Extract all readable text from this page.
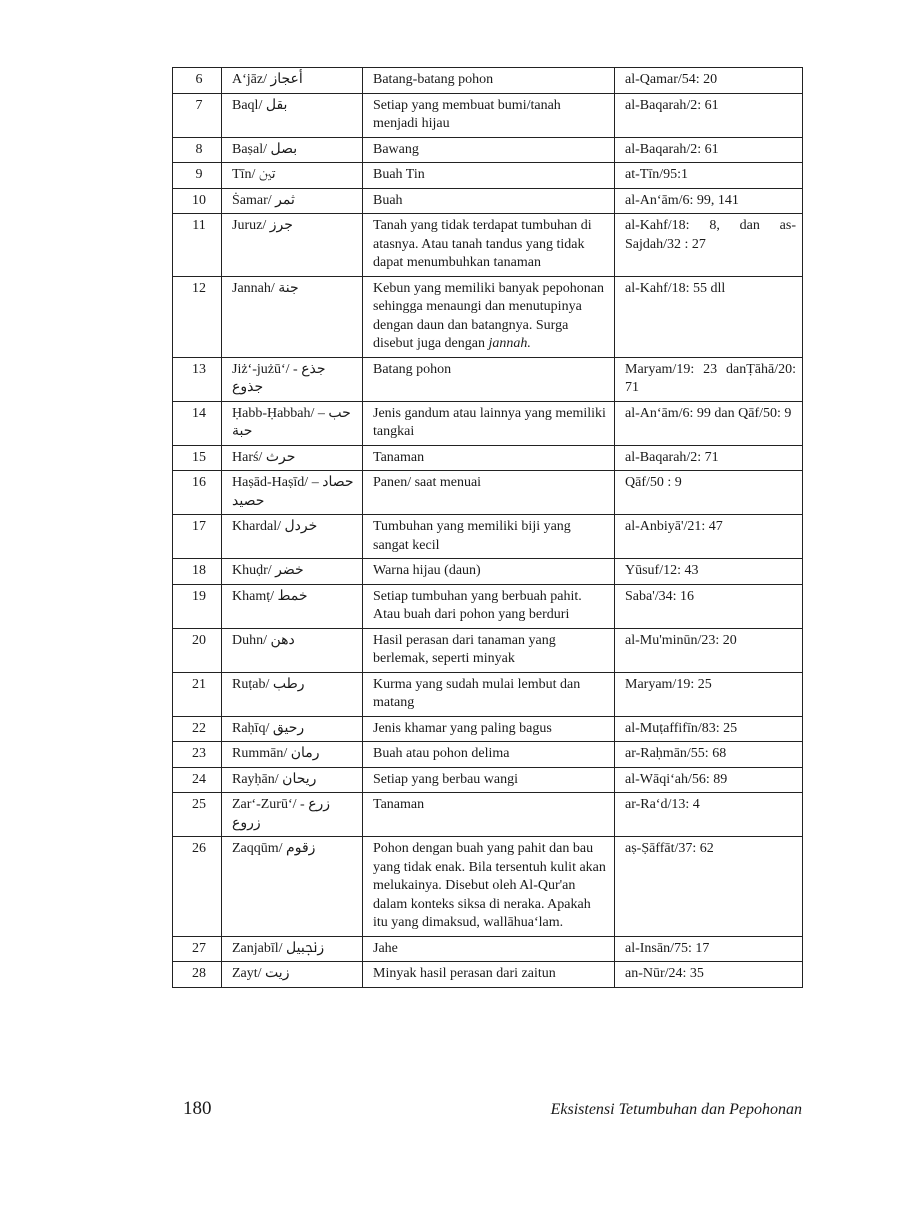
6	A‘jāz/ ﺃﻋﺠﺎﺯ	Batang-batang pohon	al-Qamar/54: 20
7	Baql/ ﺑﻘﻞ	Setiap yang membuat bumi/tanah menjadi hijau	al-Baqarah/2: 61
8	Baṣal/ ﺑﺼﻞ	Bawang	al-Baqarah/2: 61
9	Tīn/ ﺗﲔ	Buah Tin	at-Tīn/95:1
10	Ṡamar/ ﺛﻤﺮ	Buah	al-An‘ām/6: 99, 141
11	Juruz/ ﺟﺮﺯ	Tanah yang tidak terdapat tumbuhan di atasnya. Atau tanah tandus yang tidak dapat menumbuhkan tanaman	al-Kahf/18: 8, dan as-Sajdah/32 : 27
12	Jannah/ ﺟﻨﺔ	Kebun yang memiliki banyak pepohonan sehingga menaungi dan menutupinya dengan daun dan batangnya. Surga disebut juga dengan jannah.	al-Kahf/18: 55 dll
13	Jiż‘-jużū‘/ ﺟﺬﻉ - ﺟﺬﻭﻉ	Batang pohon	Maryam/19: 23 danṬāhā/20: 71
14	Ḥabb-Ḥabbah/ ﺣﺐ – ﺣﺒﺔ	Jenis gandum atau lainnya yang memiliki tangkai	al-An‘ām/6: 99 dan Qāf/50: 9
15	Harś/ ﺣﺮﺙ	Tanaman	al-Baqarah/2: 71
16	Haṣād-Haṣīd/ ﺣﺼﺎﺩ – ﺣﺼﻴﺪ	Panen/ saat menuai	Qāf/50 : 9
17	Khardal/ ﺧﺮﺩﻝ	Tumbuhan yang memiliki biji yang sangat kecil	al-Anbiyā'/21: 47
18	Khuḍr/ ﺧﻀﺮ	Warna hijau (daun)	Yūsuf/12: 43
19	Khamṭ/ ﺧﻤﻂ	Setiap tumbuhan yang berbuah pahit. Atau buah dari pohon yang berduri	Saba'/34: 16
20	Duhn/ ﺩﻫﻦ	Hasil perasan dari tanaman yang berlemak, seperti minyak	al-Mu'minūn/23: 20
21	Ruṭab/ ﺭﻃﺐ	Kurma yang sudah mulai lembut dan matang	Maryam/19: 25
22	Raḥīq/ ﺭﺣﻴﻖ	Jenis khamar yang paling bagus	al-Muṭaffifīn/83: 25
23	Rummān/ ﺭﻣﺎﻥ	Buah atau pohon delima	ar-Raḥmān/55: 68
24	Rayḥān/ ﺭﻳﺤﺎﻥ	Setiap yang berbau wangi	al-Wāqi‘ah/56: 89
25	Zar‘-Zurū‘/ ﺯﺭﻉ - ﺯﺭﻭﻉ	Tanaman	ar-Ra‘d/13: 4
26	Zaqqūm/ ﺯﻗﻮﻡ	Pohon dengan buah yang pahit dan bau yang tidak enak. Bila tersentuh kulit akan melukainya. Disebut oleh Al-Qur'an dalam konteks siksa di neraka. Apakah itu yang dimaksud, wallāhua‘lam.	aṣ-Ṣāffāt/37: 62
27	Zanjabīl/ ﺯﳒﺒﻴﻞ	Jahe	al-Insān/75: 17
28	Zayt/ ﺯﻳﺖ	Minyak hasil perasan dari zaitun	an-Nūr/24: 35
180	Eksistensi Tetumbuhan dan Pepohonan
